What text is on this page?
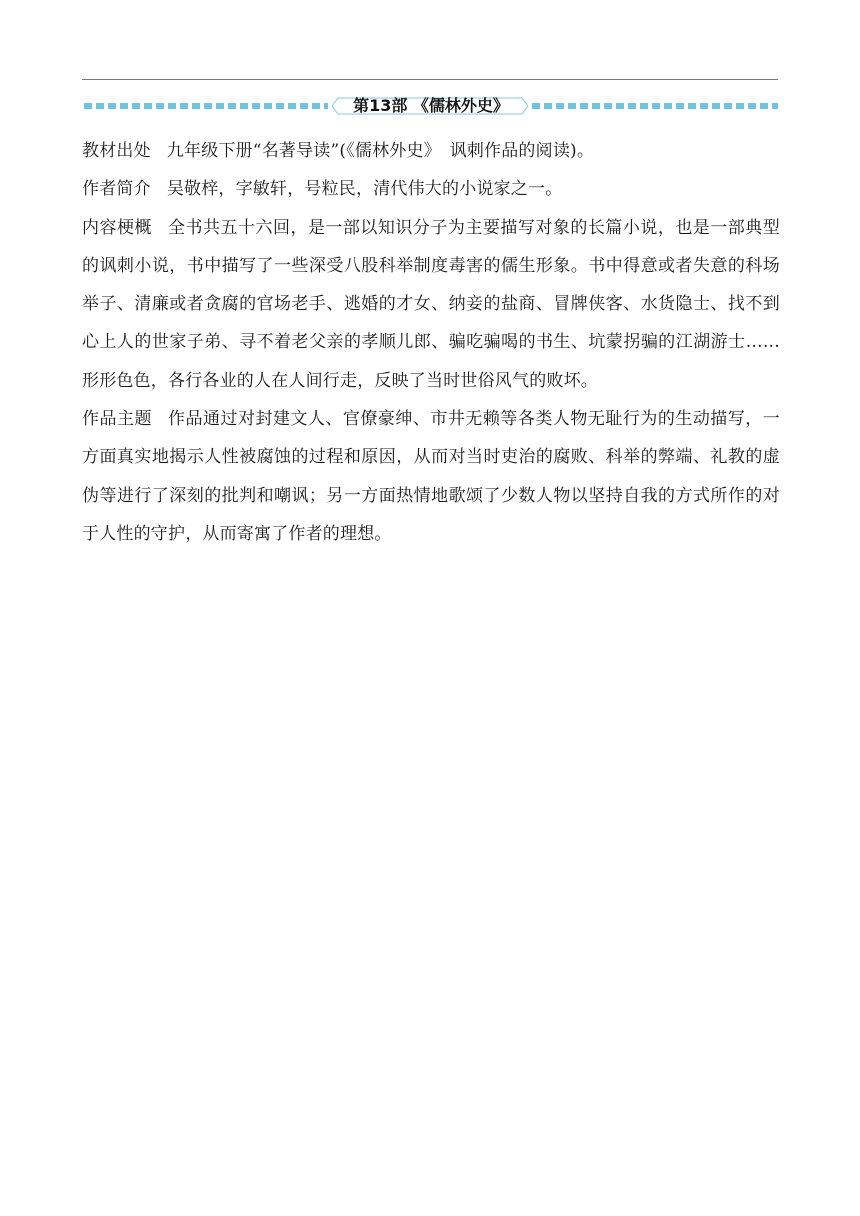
第13部 《儒林外史》

教材出处 九年级下册“名著导读”(《儒林外史》　讽刺作品的阅读)。

作者简介 吴敬梓，字敏轩，号粒民，清代伟大的小说家之一。

内容梗概 全书共五十六回，是一部以知识分子为主要描写对象的长篇小说，也是一部典型的讽刺小说，书中描写了一些深受八股科举制度毒害的儒生形象。书中得意或者失意的科场举子、清廉或者贪腐的官场老手、逃婚的才女、纳妾的盐商、冒牌侠客、水货隐士、找不到心上人的世家子弟、寻不着老父亲的孝顺儿郎、骗吃骗喝的书生、坑蒙拐骗的江湖游士……形形色色，各行各业的人在人间行走，反映了当时世俗风气的败坏。

作品主题 作品通过对封建文人、官僚豪绅、市井无赖等各类人物无耻行为的生动描写，一方面真实地揭示人性被腐蚀的过程和原因，从而对当时吏治的腐败、科举的弊端、礼教的虚伪等进行了深刻的批判和嘲讽；另一方面热情地歌颂了少数人物以坚持自我的方式所作的对于人性的守护，从而寄寓了作者的理想。
